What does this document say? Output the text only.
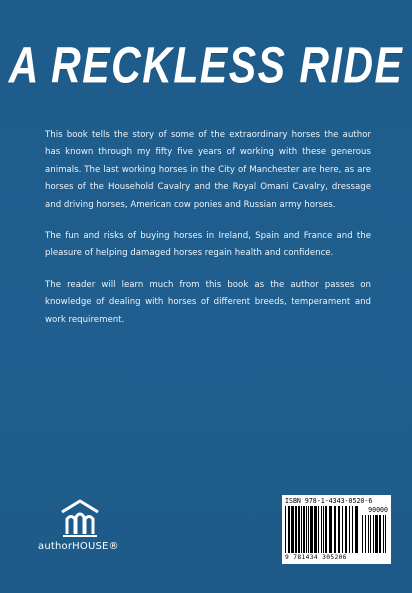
A RECKLESS RIDE

This book tells the story of some of the extraordinary horses the author has known through my fifty five years of working with these generous animals. The last working horses in the City of Manchester are here, as are horses of the Household Cavalry and the Royal Omani Cavalry, dressage and driving horses, American cow ponies and Russian army horses.

The fun and risks of buying horses in Ireland, Spain and France and the pleasure of helping damaged horses regain health and confidence.

The reader will learn much from this book as the author passes on knowledge of dealing with horses of different breeds, temperament and work requirement.

authorHOUSE®
ISBN 978-1-4343-0520-6
90000
9 781434 305206
